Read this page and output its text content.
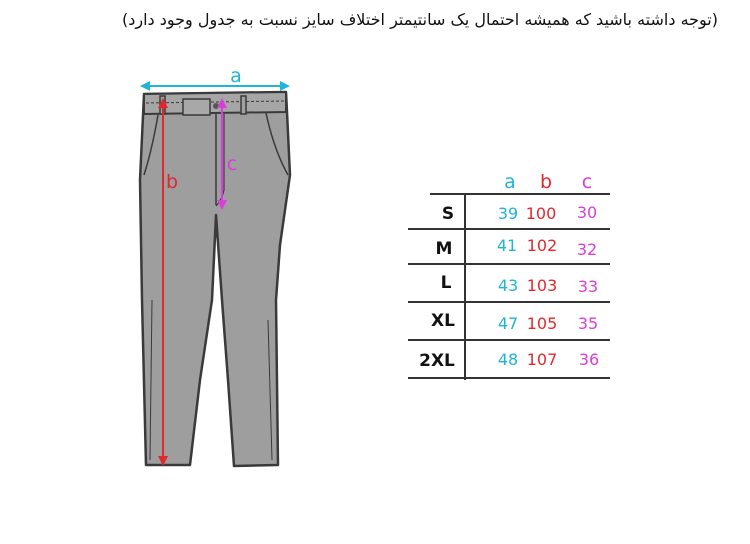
(توجه داشته باشید که همیشه احتمال یک سانتیمتر اختلاف سایز نسبت به جدول وجود دارد)
a
b
c
a b c
S	39 100 30
M	41 102 32
L	43 103 33
XL	47 105 35
2XL	48 107 36
